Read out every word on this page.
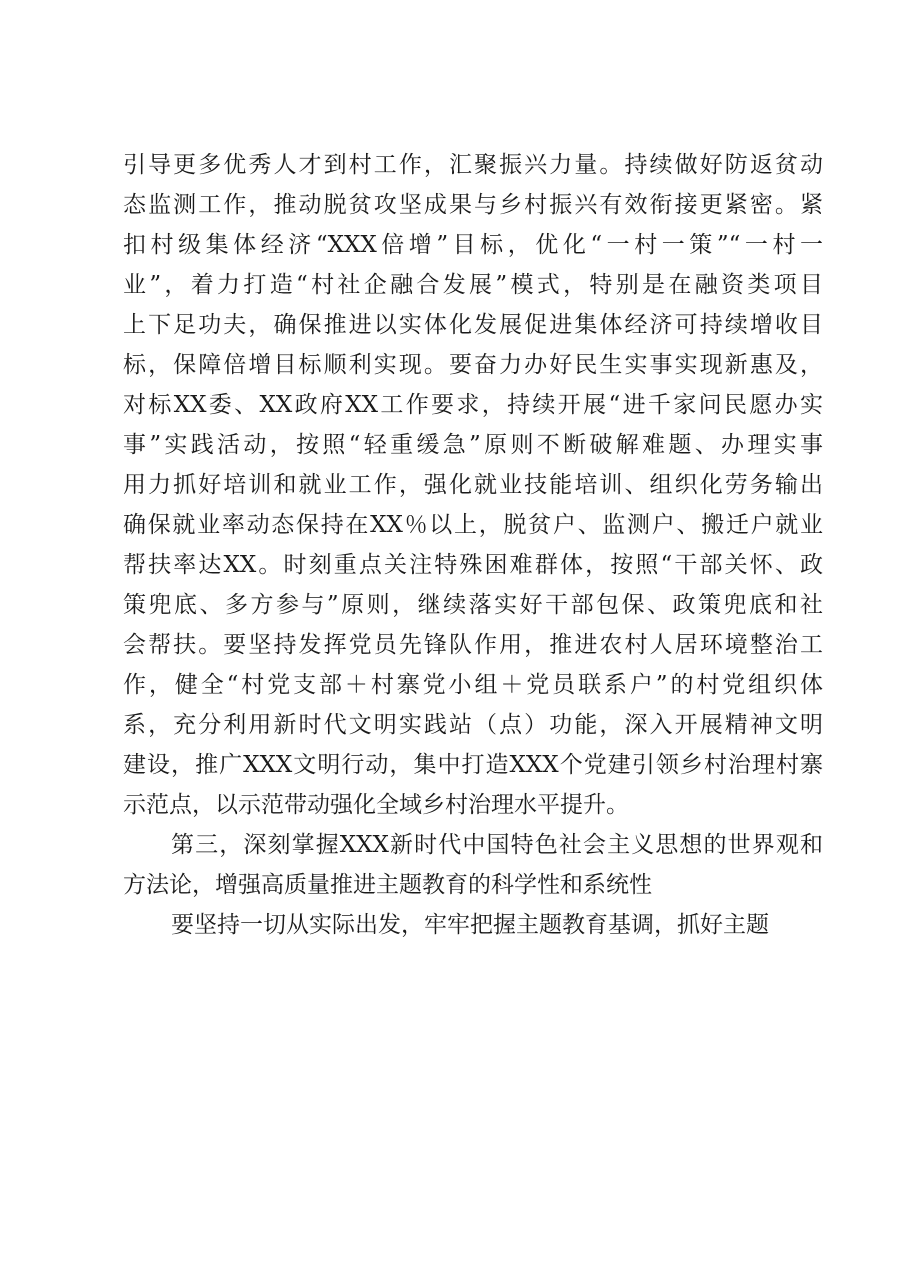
引导更多优秀人才到村工作，汇聚振兴力量。持续做好防返贫动
态监测工作，推动脱贫攻坚成果与乡村振兴有效衔接更紧密。紧
扣村级集体经济“XXX倍增”目标，优化“一村一策”“一村一
业”，着力打造“村社企融合发展”模式，特别是在融资类项目
上下足功夫，确保推进以实体化发展促进集体经济可持续增收目
标，保障倍增目标顺利实现。要奋力办好民生实事实现新惠及，
对标XX委、XX政府XX工作要求，持续开展“进千家问民愿办实
事”实践活动，按照“轻重缓急”原则不断破解难题、办理实事
用力抓好培训和就业工作，强化就业技能培训、组织化劳务输出
确保就业率动态保持在XX％以上，脱贫户、监测户、搬迁户就业
帮扶率达XX。时刻重点关注特殊困难群体，按照“干部关怀、政
策兜底、多方参与”原则，继续落实好干部包保、政策兜底和社
会帮扶。要坚持发挥党员先锋队作用，推进农村人居环境整治工
作，健全“村党支部＋村寨党小组＋党员联系户”的村党组织体
系，充分利用新时代文明实践站（点）功能，深入开展精神文明
建设，推广XXX文明行动，集中打造XXX个党建引领乡村治理村寨
示范点，以示范带动强化全域乡村治理水平提升。
第三，深刻掌握XXX新时代中国特色社会主义思想的世界观和
方法论，增强高质量推进主题教育的科学性和系统性
要坚持一切从实际出发，牢牢把握主题教育基调，抓好主题
